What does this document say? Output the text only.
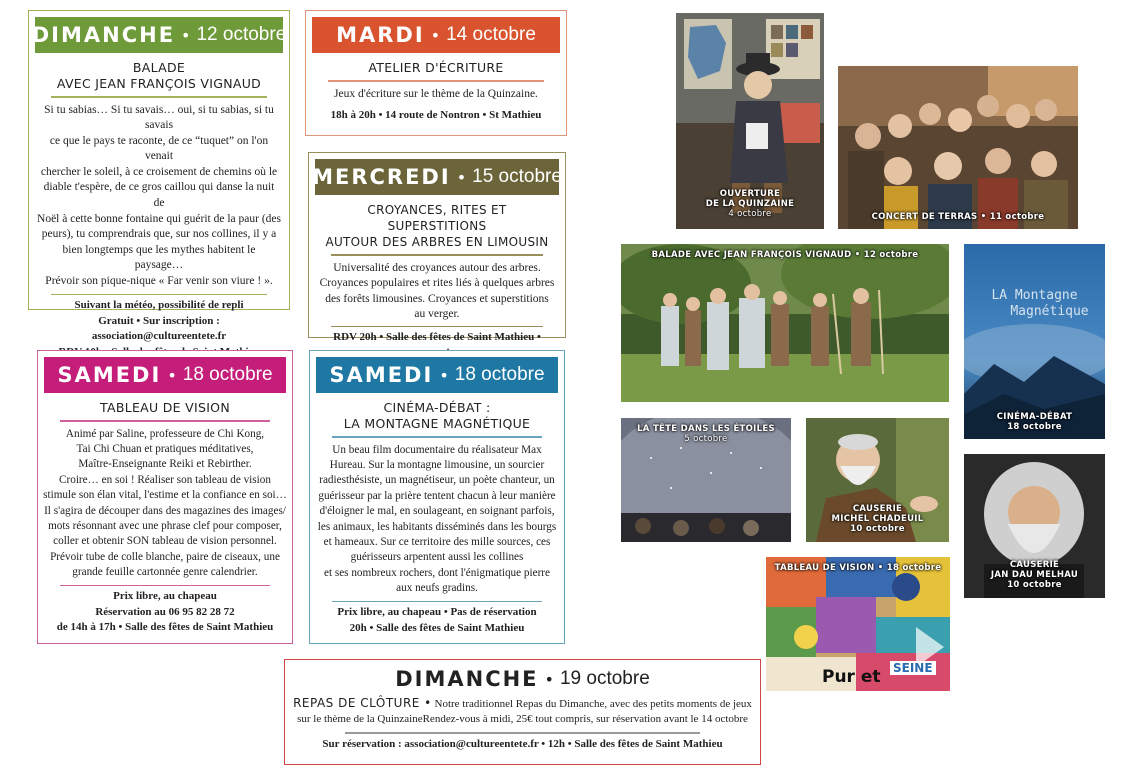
DIMANCHE • 12 octobre
BALADE
AVEC JEAN FRANÇOIS VIGNAUD
Si tu sabias… Si tu savais… oui, si tu sabias, si tu savais
ce que le pays te raconte, de ce “tuquet” on l'on venait
chercher le soleil, à ce croisement de chemins où le
diable t'espère, de ce gros caillou qui danse la nuit de
Noël à cette bonne fontaine qui guérit de la paur (des
peurs), tu comprendrais que, sur nos collines, il y a
bien longtemps que les mythes habitent le paysage…
Prévoir son pique-nique « Far venir son viure ! ».
Suivant la météo, possibilité de repli
Gratuit • Sur inscription :
association@cultureentete.fr
MARDI • 14 octobre
ATELIER D'ÉCRITURE
Jeux d'écriture sur le thème de la Quinzaine.
18h à 20h • 14 route de Nontron • St Mathieu
MERCREDI • 15 octobre
CROYANCES, RITES ET SUPERSTITIONS
AUTOUR DES ARBRES EN LIMOUSIN
Universalité des croyances autour des arbres.
Croyances populaires et rites liés à quelques arbres
des forêts limousines. Croyances et superstitions
au verger.
RDV 20h • Salle des fêtes de Saint Mathieu •
SAMEDI • 18 octobre
TABLEAU DE VISION
Animé par Saline, professeure de Chi Kong,
Tai Chi Chuan et pratiques méditatives,
Maître-Enseignante Reiki et Rebirther.
Croire… en soi ! Réaliser son tableau de vision
stimule son élan vital, l'estime et la confiance en soi…
Il s'agira de découper dans des magazines des images/
mots résonnant avec une phrase clef pour composer,
coller et obtenir SON tableau de vision personnel.
Prévoir tube de colle blanche, paire de ciseaux, une
grande feuille cartonnée genre calendrier.
Prix libre, au chapeau
Réservation au 06 95 82 28 72
de 14h à 17h • Salle des fêtes de Saint Mathieu
SAMEDI • 18 octobre
CINÉMA-DÉBAT :
LA MONTAGNE MAGNÉTIQUE
Un beau film documentaire du réalisateur Max
Hureau. Sur la montagne limousine, un sourcier
radiesthésiste, un magnétiseur, un poète chanteur, un
guérisseur par la prière tentent chacun à leur manière
d'éloigner le mal, en soulageant, en soignant parfois,
les animaux, les habitants disséminés dans les bourgs
et hameaux. Sur ce territoire des mille sources, ces
guérisseurs arpentent aussi les collines
et ses nombreux rochers, dont l'énigmatique pierre
aux neufs gradins.
Prix libre, au chapeau • Pas de réservation
20h • Salle des fêtes de Saint Mathieu
DIMANCHE • 19 octobre
REPAS DE CLÔTURE • Notre traditionnel Repas du Dimanche, avec des petits moments de jeux
sur le thème de la QuinzaineRendez-vous à midi, 25€ tout compris, sur réservation avant le 14 octobre
Sur réservation : association@cultureentete.fr • 12h • Salle des fêtes de Saint Mathieu
OUVERTURE
DE LA QUINZAINE
4 octobre	CONCERT DE TERRAS • 11 octobre
BALADE AVEC JEAN FRANÇOIS VIGNAUD • 12 octobre
LA Montagne
Magnétique
CINÉMA-DÉBAT
18 octobre
LA TÊTE DANS LES ÉTOILES
5 octobre
CAUSERIE
MICHEL CHADEUIL
10 octobre
CAUSERIE
JAN DAU MELHAU
10 octobre
TABLEAU DE VISION • 18 octobre
Pur et SEINE
